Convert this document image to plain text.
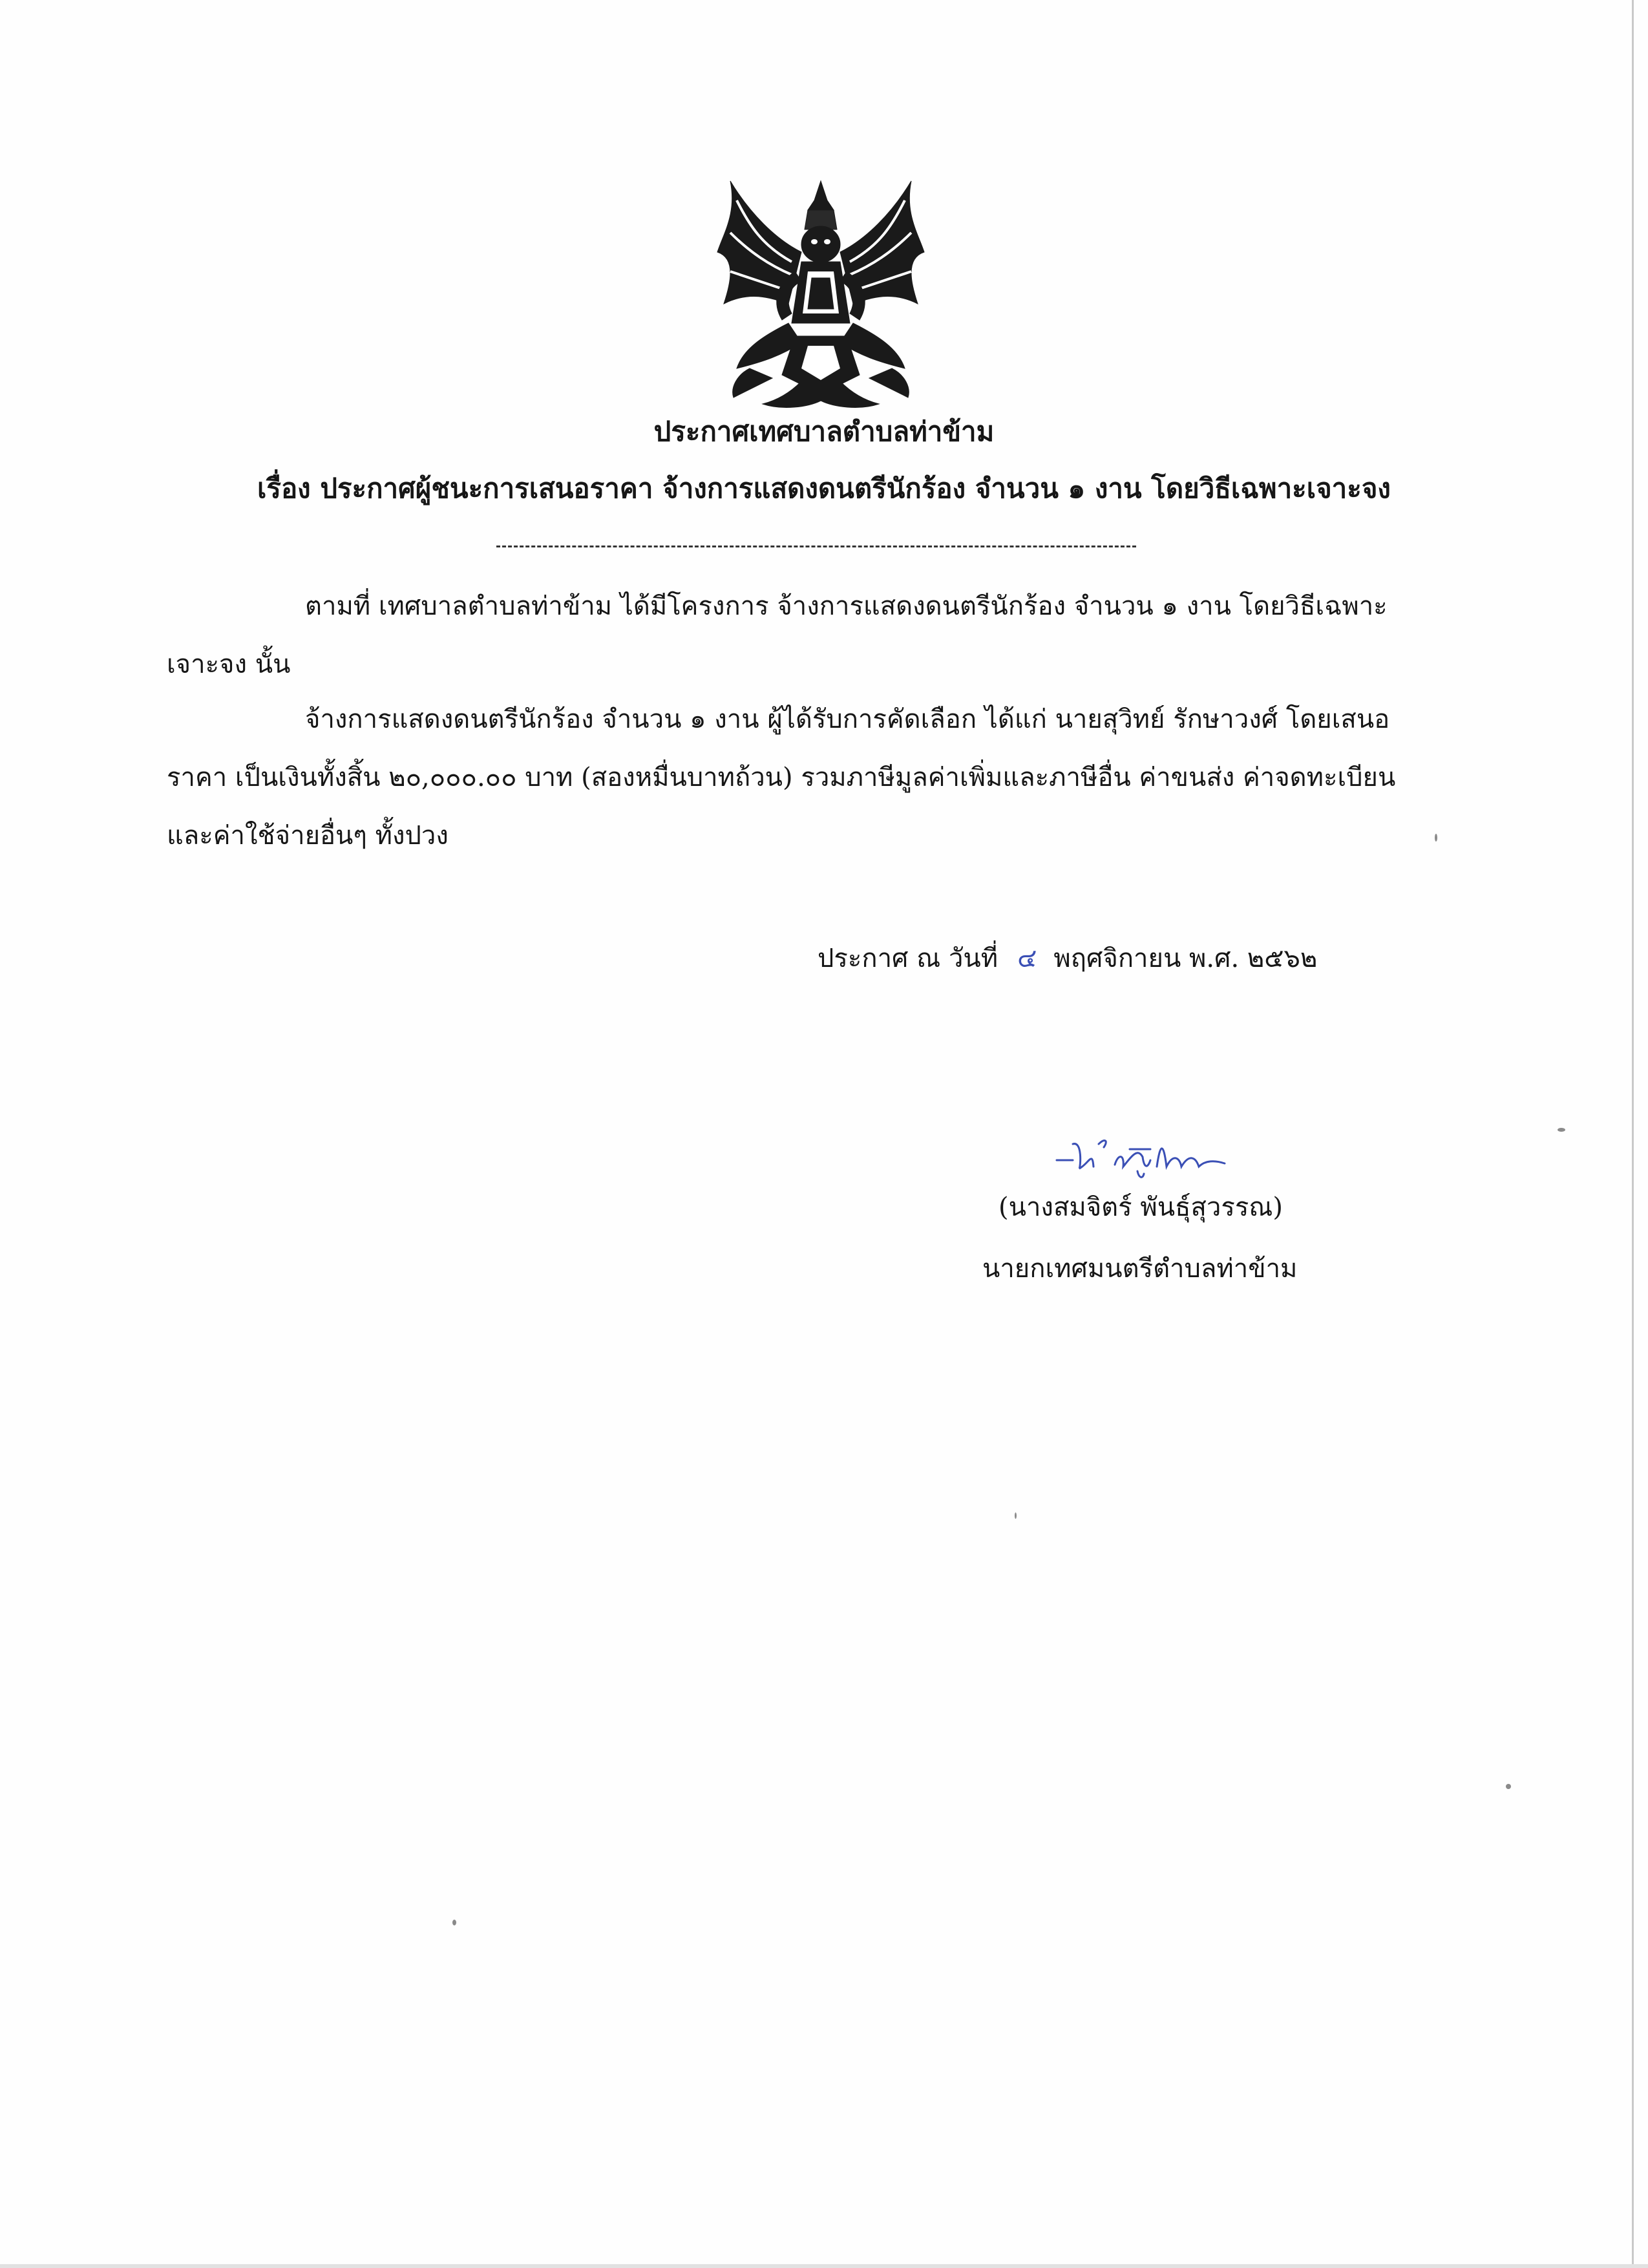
ประกาศเทศบาลตำบลท่าข้าม
เรื่อง ประกาศผู้ชนะการเสนอราคา จ้างการแสดงดนตรีนักร้อง จำนวน ๑ งาน โดยวิธีเฉพาะเจาะจง
ตามที่ เทศบาลตำบลท่าข้าม ได้มีโครงการ จ้างการแสดงดนตรีนักร้อง จำนวน ๑ งาน โดยวิธีเฉพาะ
เจาะจง นั้น
จ้างการแสดงดนตรีนักร้อง จำนวน ๑ งาน ผู้ได้รับการคัดเลือก ได้แก่ นายสุวิทย์ รักษาวงศ์ โดยเสนอ
ราคา เป็นเงินทั้งสิ้น ๒๐,๐๐๐.๐๐ บาท (สองหมื่นบาทถ้วน) รวมภาษีมูลค่าเพิ่มและภาษีอื่น ค่าขนส่ง ค่าจดทะเบียน
และค่าใช้จ่ายอื่นๆ ทั้งปวง
ประกาศ ณ วันที่ ๔ พฤศจิกายน พ.ศ. ๒๕๖๒
(นางสมจิตร์ พันธุ์สุวรรณ)
นายกเทศมนตรีตำบลท่าข้าม
